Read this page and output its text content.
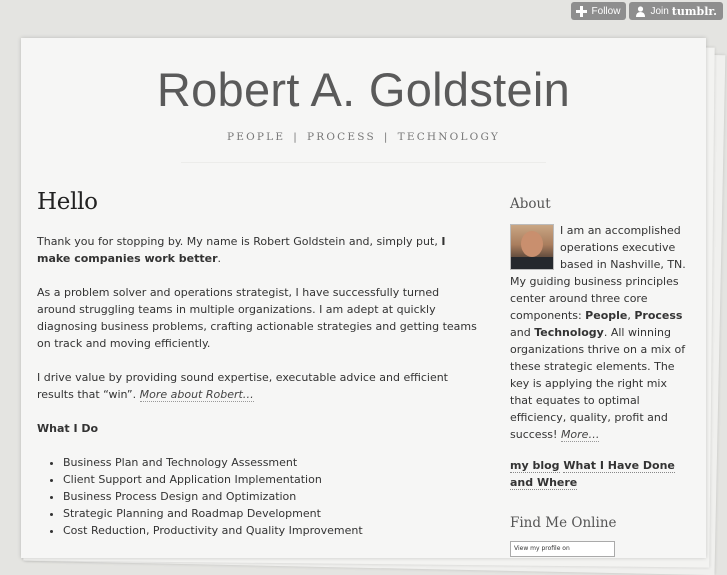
Follow	Join tumblr.
Robert A. Goldstein
PEOPLE | PROCESS | TECHNOLOGY
Hello

Thank you for stopping by. My name is Robert Goldstein and, simply put, I make companies work better.

As a problem solver and operations strategist, I have successfully turned around struggling teams in multiple organizations. I am adept at quickly diagnosing business problems, crafting actionable strategies and getting teams on track and moving efficiently.

I drive value by providing sound expertise, executable advice and efficient results that “win”. More about Robert…

What I Do

• Business Plan and Technology Assessment
• Client Support and Application Implementation
• Business Process Design and Optimization
• Strategic Planning and Roadmap Development
• Cost Reduction, Productivity and Quality Improvement
About
I am an accomplished operations executive based in Nashville, TN. My guiding business principles center around three core components: People, Process and Technology. All winning organizations thrive on a mix of these strategic elements. The key is applying the right mix that equates to optimal efficiency, quality, profit and success! More…
my blog What I Have Done and Where
Find Me Online
View my profile on
